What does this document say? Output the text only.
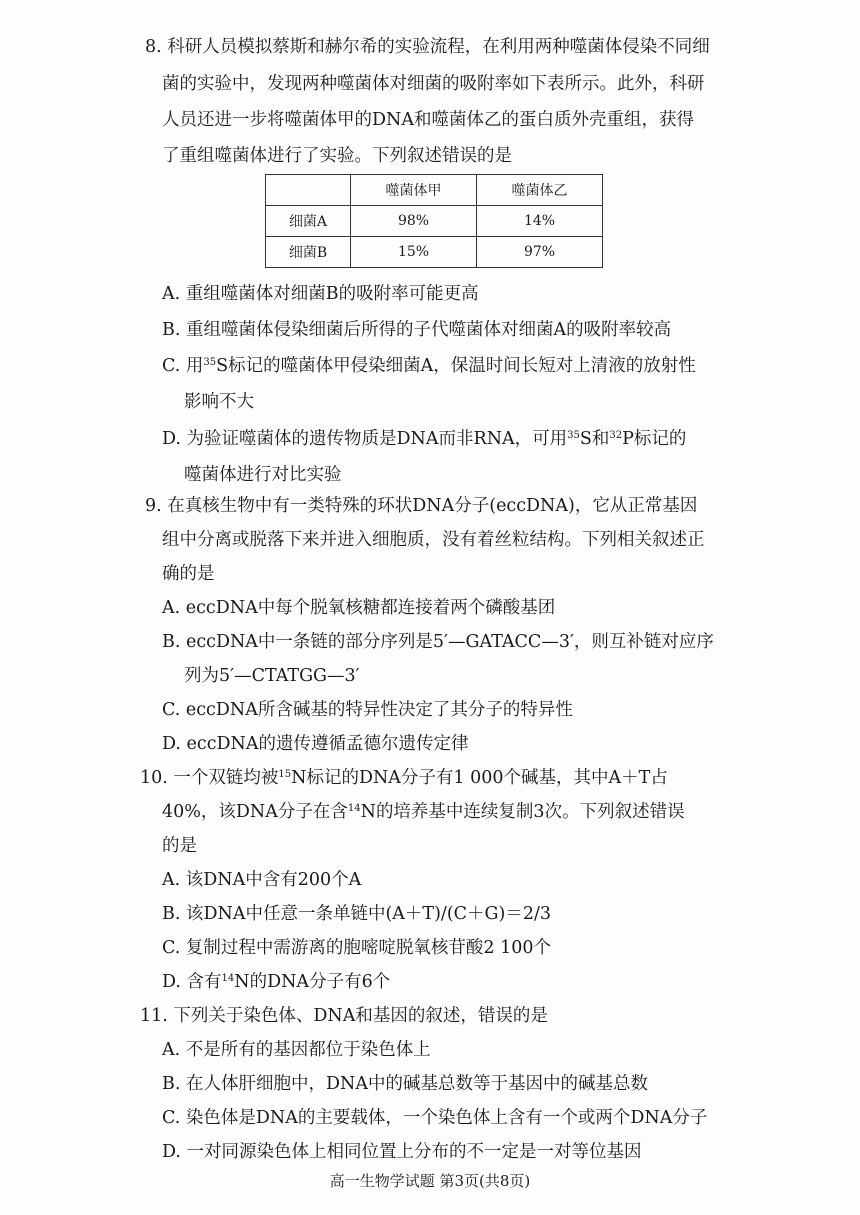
8. 科研人员模拟蔡斯和赫尔希的实验流程，在利用两种噬菌体侵染不同细
菌的实验中，发现两种噬菌体对细菌的吸附率如下表所示。此外，科研
人员还进一步将噬菌体甲的DNA和噬菌体乙的蛋白质外壳重组，获得
了重组噬菌体进行了实验。下列叙述错误的是
	噬菌体甲	噬菌体乙
细菌A	98%	14%
细菌B	15%	97%
A. 重组噬菌体对细菌B的吸附率可能更高
B. 重组噬菌体侵染细菌后所得的子代噬菌体对细菌A的吸附率较高
C. 用$^{35}$S标记的噬菌体甲侵染细菌A，保温时间长短对上清液的放射性
影响不大
D. 为验证噬菌体的遗传物质是DNA而非RNA，可用$^{35}$S和$^{32}$P标记的
噬菌体进行对比实验
9. 在真核生物中有一类特殊的环状DNA分子(eccDNA)，它从正常基因
组中分离或脱落下来并进入细胞质，没有着丝粒结构。下列相关叙述正
确的是
A. eccDNA中每个脱氧核糖都连接着两个磷酸基团
B. eccDNA中一条链的部分序列是5′—GATACC—3′，则互补链对应序
列为5′—CTATGG—3′
C. eccDNA所含碱基的特异性决定了其分子的特异性
D. eccDNA的遗传遵循孟德尔遗传定律
10. 一个双链均被$^{15}$N标记的DNA分子有1 000个碱基，其中A＋T占
40%，该DNA分子在含$^{14}$N的培养基中连续复制3次。下列叙述错误
的是
A. 该DNA中含有200个A
B. 该DNA中任意一条单链中(A＋T)/(C＋G)＝2/3
C. 复制过程中需游离的胞嘧啶脱氧核苷酸2 100个
D. 含有$^{14}$N的DNA分子有6个
11. 下列关于染色体、DNA和基因的叙述，错误的是
A. 不是所有的基因都位于染色体上
B. 在人体肝细胞中，DNA中的碱基总数等于基因中的碱基总数
高一生物学试题 第3页(共8页)
C. 染色体是DNA的主要载体，一个染色体上含有一个或两个DNA分子
D. 一对同源染色体上相同位置上分布的不一定是一对等位基因
